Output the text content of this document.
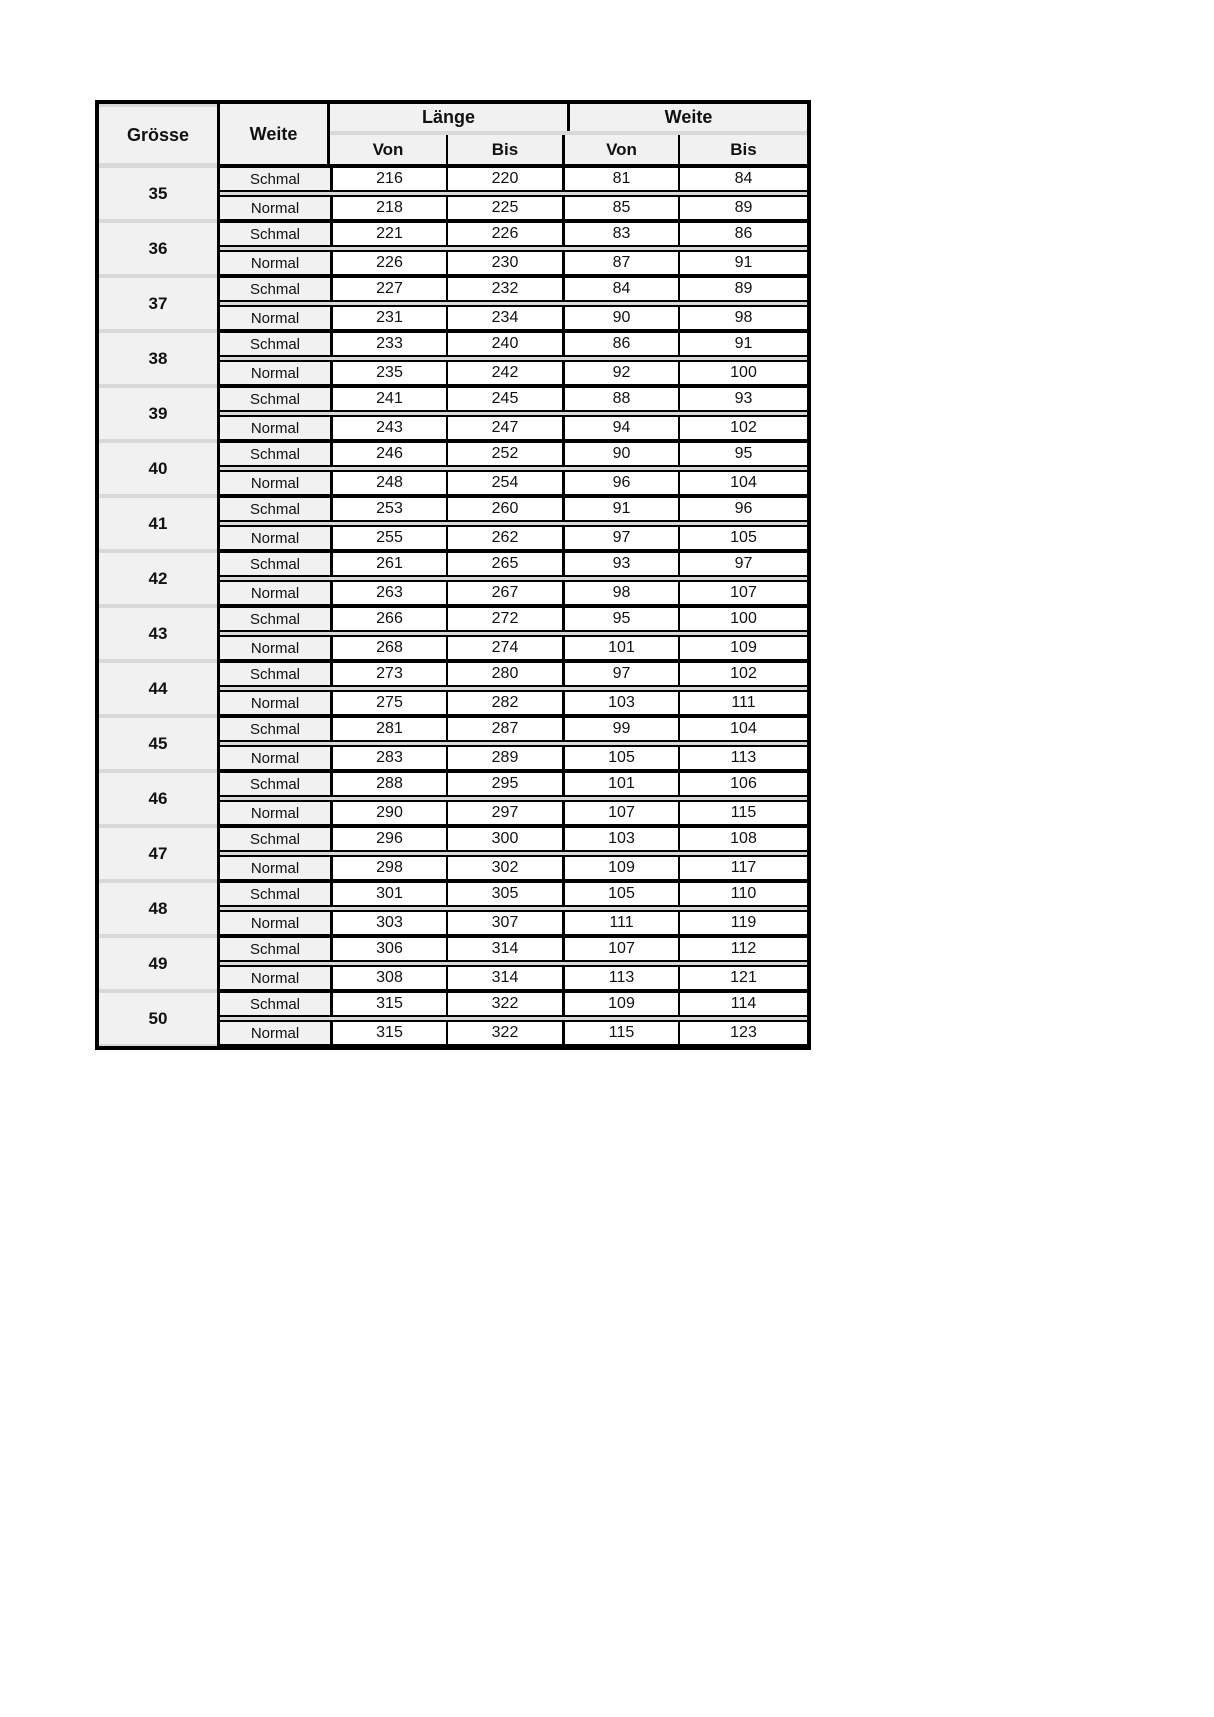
Grösse	Weite
Länge	Weite
Von	Bis	Von	Bis
35
Schmal	216	220	81	84
Normal	218	225	85	89
36
Schmal	221	226	83	86
Normal	226	230	87	91
37
Schmal	227	232	84	89
Normal	231	234	90	98
38
Schmal	233	240	86	91
Normal	235	242	92	100
39
Schmal	241	245	88	93
Normal	243	247	94	102
40
Schmal	246	252	90	95
Normal	248	254	96	104
41
Schmal	253	260	91	96
Normal	255	262	97	105
42
Schmal	261	265	93	97
Normal	263	267	98	107
43
Schmal	266	272	95	100
Normal	268	274	101	109
44
Schmal	273	280	97	102
Normal	275	282	103	111
45
Schmal	281	287	99	104
Normal	283	289	105	113
46
Schmal	288	295	101	106
Normal	290	297	107	115
47
Schmal	296	300	103	108
Normal	298	302	109	117
48
Schmal	301	305	105	110
Normal	303	307	111	119
49
Schmal	306	314	107	112
Normal	308	314	113	121
50
Schmal	315	322	109	114
Normal	315	322	115	123
